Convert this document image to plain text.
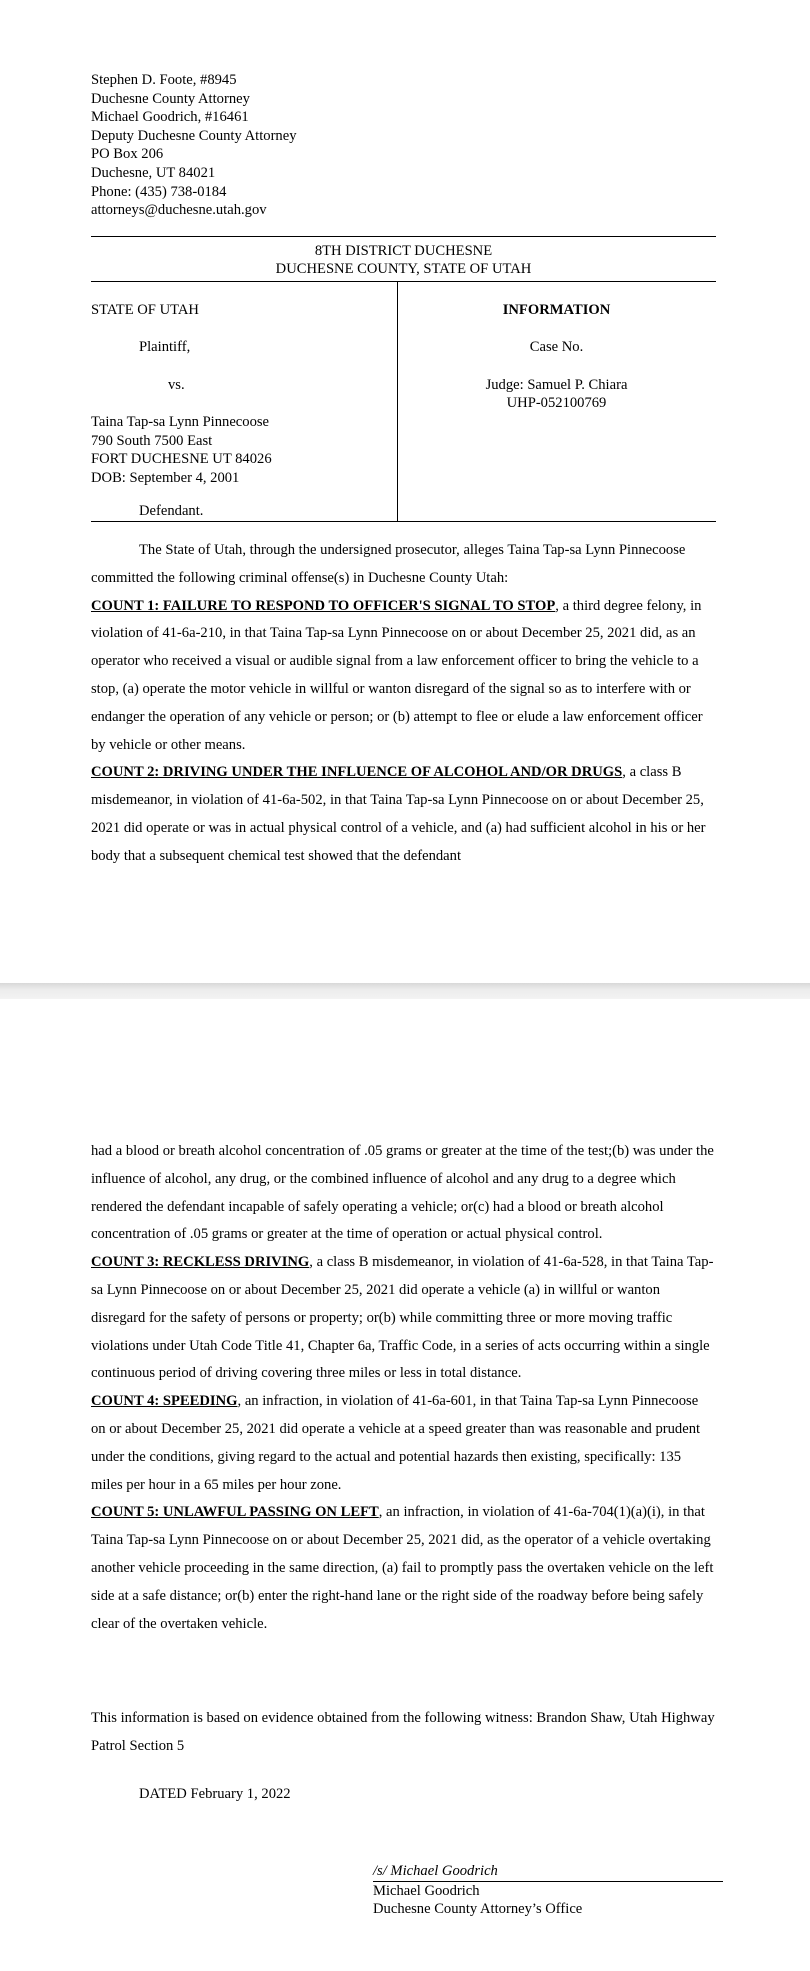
Stephen D. Foote, #8945
Duchesne County Attorney
Michael Goodrich, #16461
Deputy Duchesne County Attorney
PO Box 206
Duchesne, UT 84021
Phone: (435) 738-0184
attorneys@duchesne.utah.gov
8TH DISTRICT DUCHESNE
DUCHESNE COUNTY, STATE OF UTAH
STATE OF UTAH
Plaintiff,
vs.
Taina Tap-sa Lynn Pinnecoose
790 South 7500 East
FORT DUCHESNE UT 84026
DOB: September 4, 2001
Defendant.
INFORMATION
Case No.
Judge: Samuel P. Chiara
UHP-052100769
The State of Utah, through the undersigned prosecutor, alleges Taina Tap-sa Lynn Pinnecoose committed the following criminal offense(s) in Duchesne County Utah:
COUNT 1: FAILURE TO RESPOND TO OFFICER'S SIGNAL TO STOP, a third degree felony, in violation of 41-6a-210, in that Taina Tap-sa Lynn Pinnecoose on or about December 25, 2021 did, as an operator who received a visual or audible signal from a law enforcement officer to bring the vehicle to a stop, (a) operate the motor vehicle in willful or wanton disregard of the signal so as to interfere with or endanger the operation of any vehicle or person; or (b) attempt to flee or elude a law enforcement officer by vehicle or other means.
COUNT 2: DRIVING UNDER THE INFLUENCE OF ALCOHOL AND/OR DRUGS, a class B misdemeanor, in violation of 41-6a-502, in that Taina Tap-sa Lynn Pinnecoose on or about December 25, 2021 did operate or was in actual physical control of a vehicle, and (a) had sufficient alcohol in his or her body that a subsequent chemical test showed that the defendant
had a blood or breath alcohol concentration of .05 grams or greater at the time of the test;(b) was under the influence of alcohol, any drug, or the combined influence of alcohol and any drug to a degree which rendered the defendant incapable of safely operating a vehicle; or(c) had a blood or breath alcohol concentration of .05 grams or greater at the time of operation or actual physical control.
COUNT 3: RECKLESS DRIVING, a class B misdemeanor, in violation of 41-6a-528, in that Taina Tap-sa Lynn Pinnecoose on or about December 25, 2021 did operate a vehicle (a) in willful or wanton disregard for the safety of persons or property; or(b) while committing three or more moving traffic violations under Utah Code Title 41, Chapter 6a, Traffic Code, in a series of acts occurring within a single continuous period of driving covering three miles or less in total distance.
COUNT 4: SPEEDING, an infraction, in violation of 41-6a-601, in that Taina Tap-sa Lynn Pinnecoose on or about December 25, 2021 did operate a vehicle at a speed greater than was reasonable and prudent under the conditions, giving regard to the actual and potential hazards then existing, specifically: 135 miles per hour in a 65 miles per hour zone.
COUNT 5: UNLAWFUL PASSING ON LEFT, an infraction, in violation of 41-6a-704(1)(a)(i), in that Taina Tap-sa Lynn Pinnecoose on or about December 25, 2021 did, as the operator of a vehicle overtaking another vehicle proceeding in the same direction, (a) fail to promptly pass the overtaken vehicle on the left side at a safe distance; or(b) enter the right-hand lane or the right side of the roadway before being safely clear of the overtaken vehicle.
This information is based on evidence obtained from the following witness: Brandon Shaw, Utah Highway Patrol Section 5
DATED February 1, 2022
/s/ Michael Goodrich
Michael Goodrich
Duchesne County Attorney’s Office
